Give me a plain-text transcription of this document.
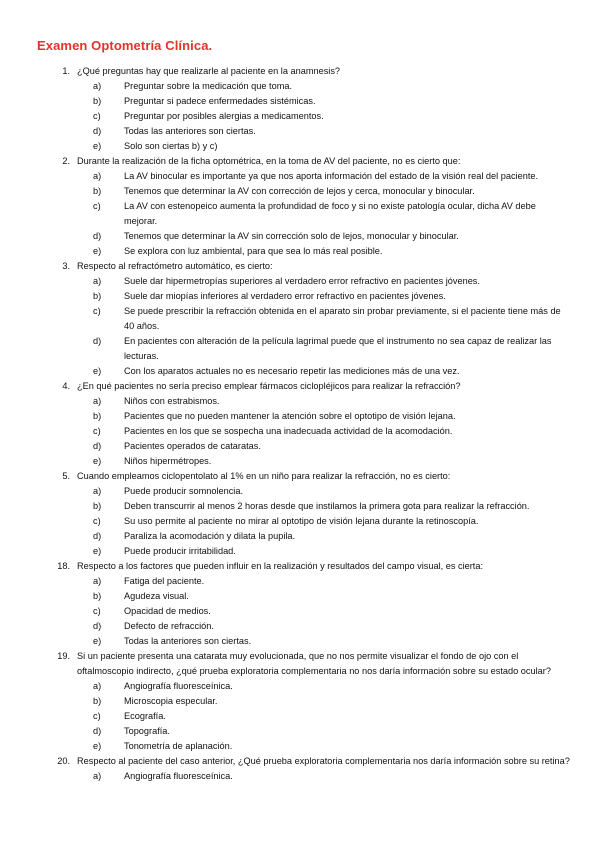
Examen Optometría Clínica.
1. ¿Qué preguntas hay que realizarle al paciente en la anamnesis?
a)	Preguntar sobre la medicación que toma.
b)	Preguntar si padece enfermedades sistémicas.
c)	Preguntar por posibles alergias a medicamentos.
d)	Todas las anteriores son ciertas.
e)	Solo son ciertas b) y c)
2. Durante la realización de la ficha optométrica, en la toma de AV del paciente, no es cierto que:
a)	La AV binocular es importante ya que nos aporta información del estado de la visión real del paciente.
b)	Tenemos que determinar la AV con corrección de lejos y cerca, monocular y binocular.
c)	La AV con estenopeico aumenta la profundidad de foco y si no existe patología ocular, dicha AV debe mejorar.
d)	Tenemos que determinar la AV sin corrección solo de lejos, monocular y binocular.
e)	Se explora con luz ambiental, para que sea lo más real posible.
3. Respecto al refractómetro automático, es cierto:
a)	Suele dar hipermetropías superiores al verdadero error refractivo en pacientes jóvenes.
b)	Suele dar miopías inferiores al verdadero error refractivo en pacientes jóvenes.
c)	Se puede prescribir la refracción obtenida en el aparato sin probar previamente, si el paciente tiene más de 40 años.
d)	En pacientes con alteración de la película lagrimal puede que el instrumento no sea capaz de realizar las lecturas.
e)	Con los aparatos actuales no es necesario repetir las mediciones más de una vez.
4. ¿En qué pacientes no sería preciso emplear fármacos ciclopléjicos para realizar la refracción?
a)	Niños con estrabismos.
b)	Pacientes que no pueden mantener la atención sobre el optotipo de visión lejana.
c)	Pacientes en los que se sospecha una inadecuada actividad de la acomodación.
d)	Pacientes operados de cataratas.
e)	Niños hipermétropes.
5. Cuando empleamos ciclopentolato al 1% en un niño para realizar la refracción, no es cierto:
a)	Puede producir somnolencia.
b)	Deben transcurrir al menos 2 horas desde que instilamos la primera gota para realizar la refracción.
c)	Su uso permite al paciente no mirar al optotipo de visión lejana durante la retinoscopía.
d)	Paraliza la acomodación y dilata la pupila.
e)	Puede producir irritabilidad.
18. Respecto a los factores que pueden influir en la realización y resultados del campo visual, es cierta:
a)	Fatiga del paciente.
b)	Agudeza visual.
c)	Opacidad de medios.
d)	Defecto de refracción.
e)	Todas la anteriores son ciertas.
19. Si un paciente presenta una catarata muy evolucionada, que no nos permite visualizar el fondo de ojo con el oftalmoscopio indirecto, ¿qué prueba exploratoria complementaria no nos daría información sobre su estado ocular?
a)	Angiografía fluoresceínica.
b)	Microscopia especular.
c)	Ecografía.
d)	Topografía.
e)	Tonometría de aplanación.
20. Respecto al paciente del caso anterior, ¿Qué prueba exploratoria complementaria nos daría información sobre su retina?
a)	Angiografía fluoresceínica.
